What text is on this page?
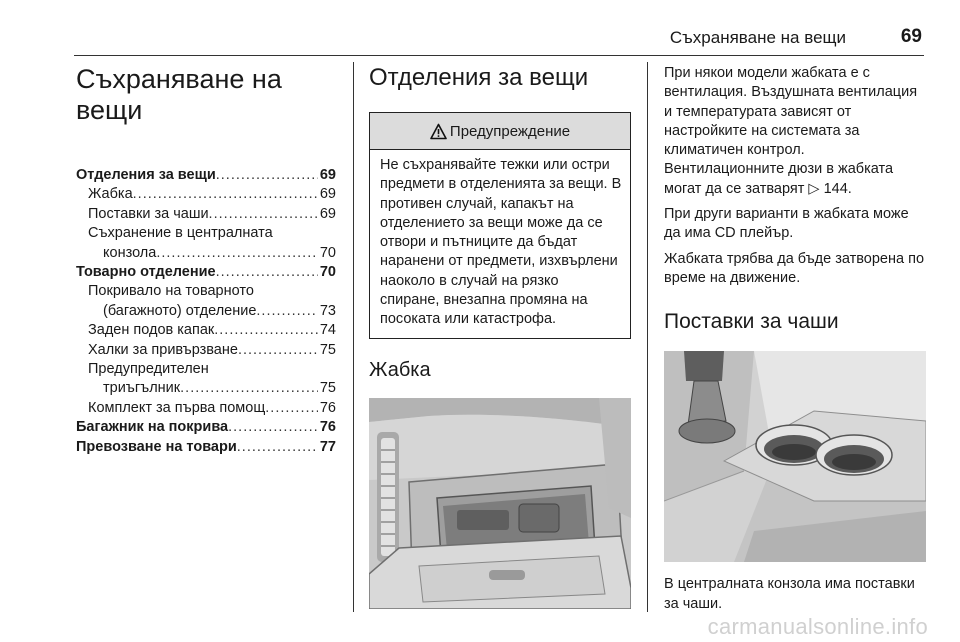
Съхраняване на вещи	69
Съхраняване на
вещи
Отделения за вещи .....	69
Жабка .....	69
Поставки за чаши .....	69
Съхранение в централната
конзола .....	70
Товарно отделение .....	70
Покривало на товарното
(багажното) отделение .....	73
Заден подов капак .....	74
Халки за привързване .....	75
Предупредителен
триъгълник .....	75
Комплект за първа помощ .....	76
Багажник на покрива .....	76
Превозване на товари .....	77
Отделения за вещи
Предупреждение
Не съхранявайте тежки или остри предмети в отделенията за вещи. В противен случай, капакът на отделението за вещи може да се отвори и пътниците да бъдат наранени от предмети, изхвърлени наоколо в случай на рязко спиране, внезапна промяна на посоката или катастрофа.
Жабка

При някои модели жабката е с вентилация. Въздушната вентилация и температурата зависят от настройките на системата за климатичен контрол. Вентилационните дюзи в жабката могат да се затварят ▷ 144.

При други варианти в жабката може да има CD плейър.

Жабката трябва да бъде затворена по време на движение.

Поставки за чаши
В централната конзола има поставки за чаши.
carmanualsonline.info
